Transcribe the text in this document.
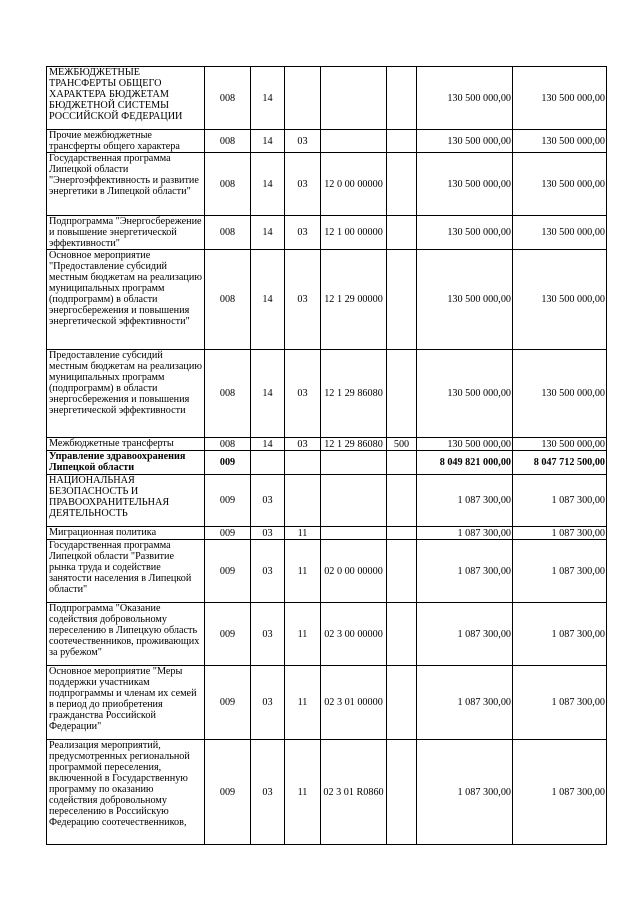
МЕЖБЮДЖЕТНЫЕ ТРАНСФЕРТЫ ОБЩЕГО ХАРАКТЕРА БЮДЖЕТАМ БЮДЖЕТНОЙ СИСТЕМЫ РОССИЙСКОЙ ФЕДЕРАЦИИ	008	14				130 500 000,00	130 500 000,00
Прочие межбюджетные трансферты общего характера	008	14	03			130 500 000,00	130 500 000,00
Государственная программа Липецкой области "Энергоэффективность и развитие энергетики в Липецкой области"	008	14	03	12 0 00 00000		130 500 000,00	130 500 000,00
Подпрограмма "Энергосбережение и повышение энергетической эффективности"	008	14	03	12 1 00 00000		130 500 000,00	130 500 000,00
Основное мероприятие "Предоставление субсидий местным бюджетам на реализацию муниципальных программ (подпрограмм) в области энергосбережения и повышения энергетической эффективности"	008	14	03	12 1 29 00000		130 500 000,00	130 500 000,00
Предоставление субсидий местным бюджетам на реализацию муниципальных программ (подпрограмм) в области энергосбережения и повышения энергетической эффективности	008	14	03	12 1 29 86080		130 500 000,00	130 500 000,00
Межбюджетные трансферты	008	14	03	12 1 29 86080	500	130 500 000,00	130 500 000,00
Управление здравоохранения Липецкой области	009					8 049 821 000,00	8 047 712 500,00
НАЦИОНАЛЬНАЯ БЕЗОПАСНОСТЬ И ПРАВООХРАНИТЕЛЬНАЯ ДЕЯТЕЛЬНОСТЬ	009	03				1 087 300,00	1 087 300,00
Миграционная политика	009	03	11			1 087 300,00	1 087 300,00
Государственная программа Липецкой области "Развитие рынка труда и содействие занятости населения в Липецкой области"	009	03	11	02 0 00 00000		1 087 300,00	1 087 300,00
Подпрограмма "Оказание содействия добровольному переселению в Липецкую область соотечественников, проживающих за рубежом"	009	03	11	02 3 00 00000		1 087 300,00	1 087 300,00
Основное мероприятие "Меры поддержки участникам подпрограммы и членам их семей в период до приобретения гражданства Российской Федерации"	009	03	11	02 3 01 00000		1 087 300,00	1 087 300,00
Реализация мероприятий, предусмотренных региональной программой переселения, включенной в Государственную программу по оказанию содействия добровольному переселению в Российскую Федерацию соотечественников,	009	03	11	02 3 01 R0860		1 087 300,00	1 087 300,00
